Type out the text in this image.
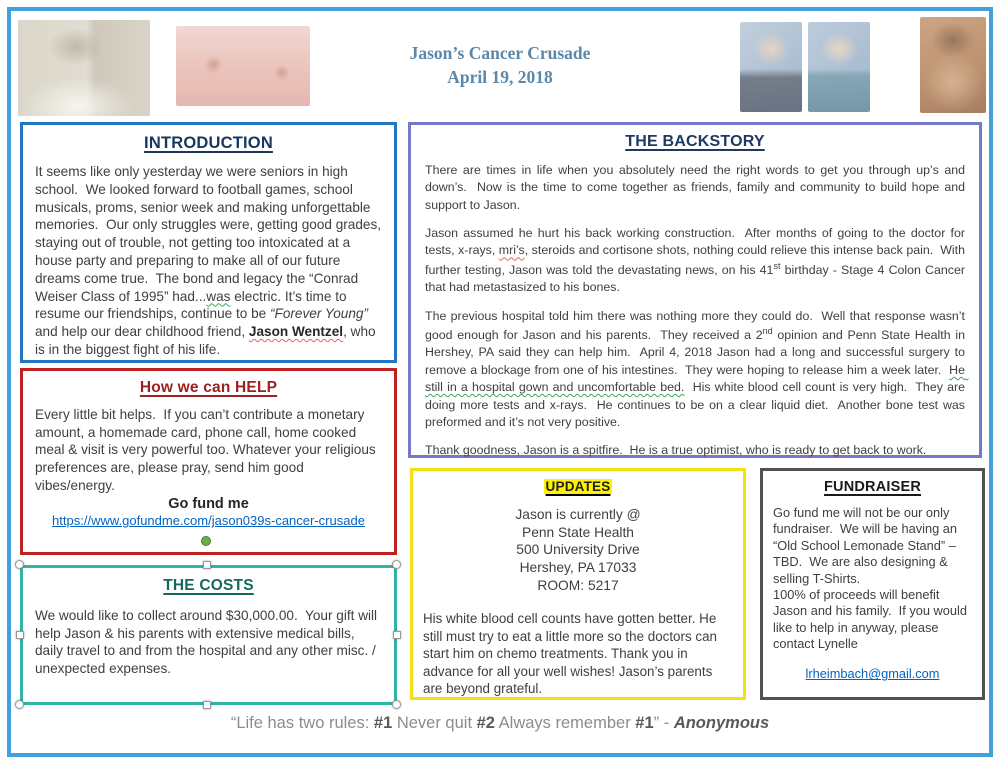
Jason’s Cancer Crusade
April 19, 2018
INTRODUCTION

It seems like only yesterday we were seniors in high school.  We looked forward to football games, school musicals, proms, senior week and making unforgettable memories.  Our only struggles were, getting good grades, staying out of trouble, not getting too intoxicated at a house party and preparing to make all of our future dreams come true.  The bond and legacy the “Conrad Weiser Class of 1995” had...was electric. It’s time to resume our friendships, continue to be “Forever Young” and help our dear childhood friend, Jason Wentzel, who is in the biggest fight of his life.

THE BACKSTORY

There are times in life when you absolutely need the right words to get you through up’s and down’s.  Now is the time to come together as friends, family and community to build hope and support to Jason.

Jason assumed he hurt his back working construction.  After months of going to the doctor for tests, x-rays, mri’s, steroids and cortisone shots, nothing could relieve this intense back pain.  With further testing, Jason was told the devastating news, on his 41st birthday - Stage 4 Colon Cancer that had metastasized to his bones.

The previous hospital told him there was nothing more they could do.  Well that response wasn’t good enough for Jason and his parents.  They received a 2nd opinion and Penn State Health in Hershey, PA said they can help him.  April 4, 2018 Jason had a long and successful surgery to remove a blockage from one of his intestines.  They were hoping to release him a week later.  He still in a hospital gown and uncomfortable bed.  His white blood cell count is very high.  They are doing more tests and x-rays.  He continues to be on a clear liquid diet.  Another bone test was preformed and it’s not very positive.

Thank goodness, Jason is a spitfire.  He is a true optimist, who is ready to get back to work.

How we can HELP

Every little bit helps.  If you can’t contribute a monetary amount, a homemade card, phone call, home cooked meal & visit is very powerful too. Whatever your religious preferences are, please pray, send him good vibes/energy.

Go fund me
https://www.gofundme.com/jason039s-cancer-crusade
THE COSTS

We would like to collect around $30,000.00.  Your gift will help Jason & his parents with extensive medical bills, daily travel to and from the hospital and any other misc. / unexpected expenses.

UPDATES
Jason is currently @
Penn State Health
500 University Drive
Hershey, PA 17033
ROOM: 5217

His white blood cell counts have gotten better. He still must try to eat a little more so the doctors can start him on chemo treatments. Thank you in advance for all your well wishes! Jason’s parents are beyond grateful.

FUNDRAISER

Go fund me will not be our only fundraiser.  We will be having an “Old School Lemonade Stand” – TBD.  We are also designing & selling T-Shirts.

100% of proceeds will benefit Jason and his family.  If you would like to help in anyway, please contact Lynelle

lrheimbach@gmail.com
“Life has two rules: #1 Never quit #2 Always remember #1” - Anonymous
